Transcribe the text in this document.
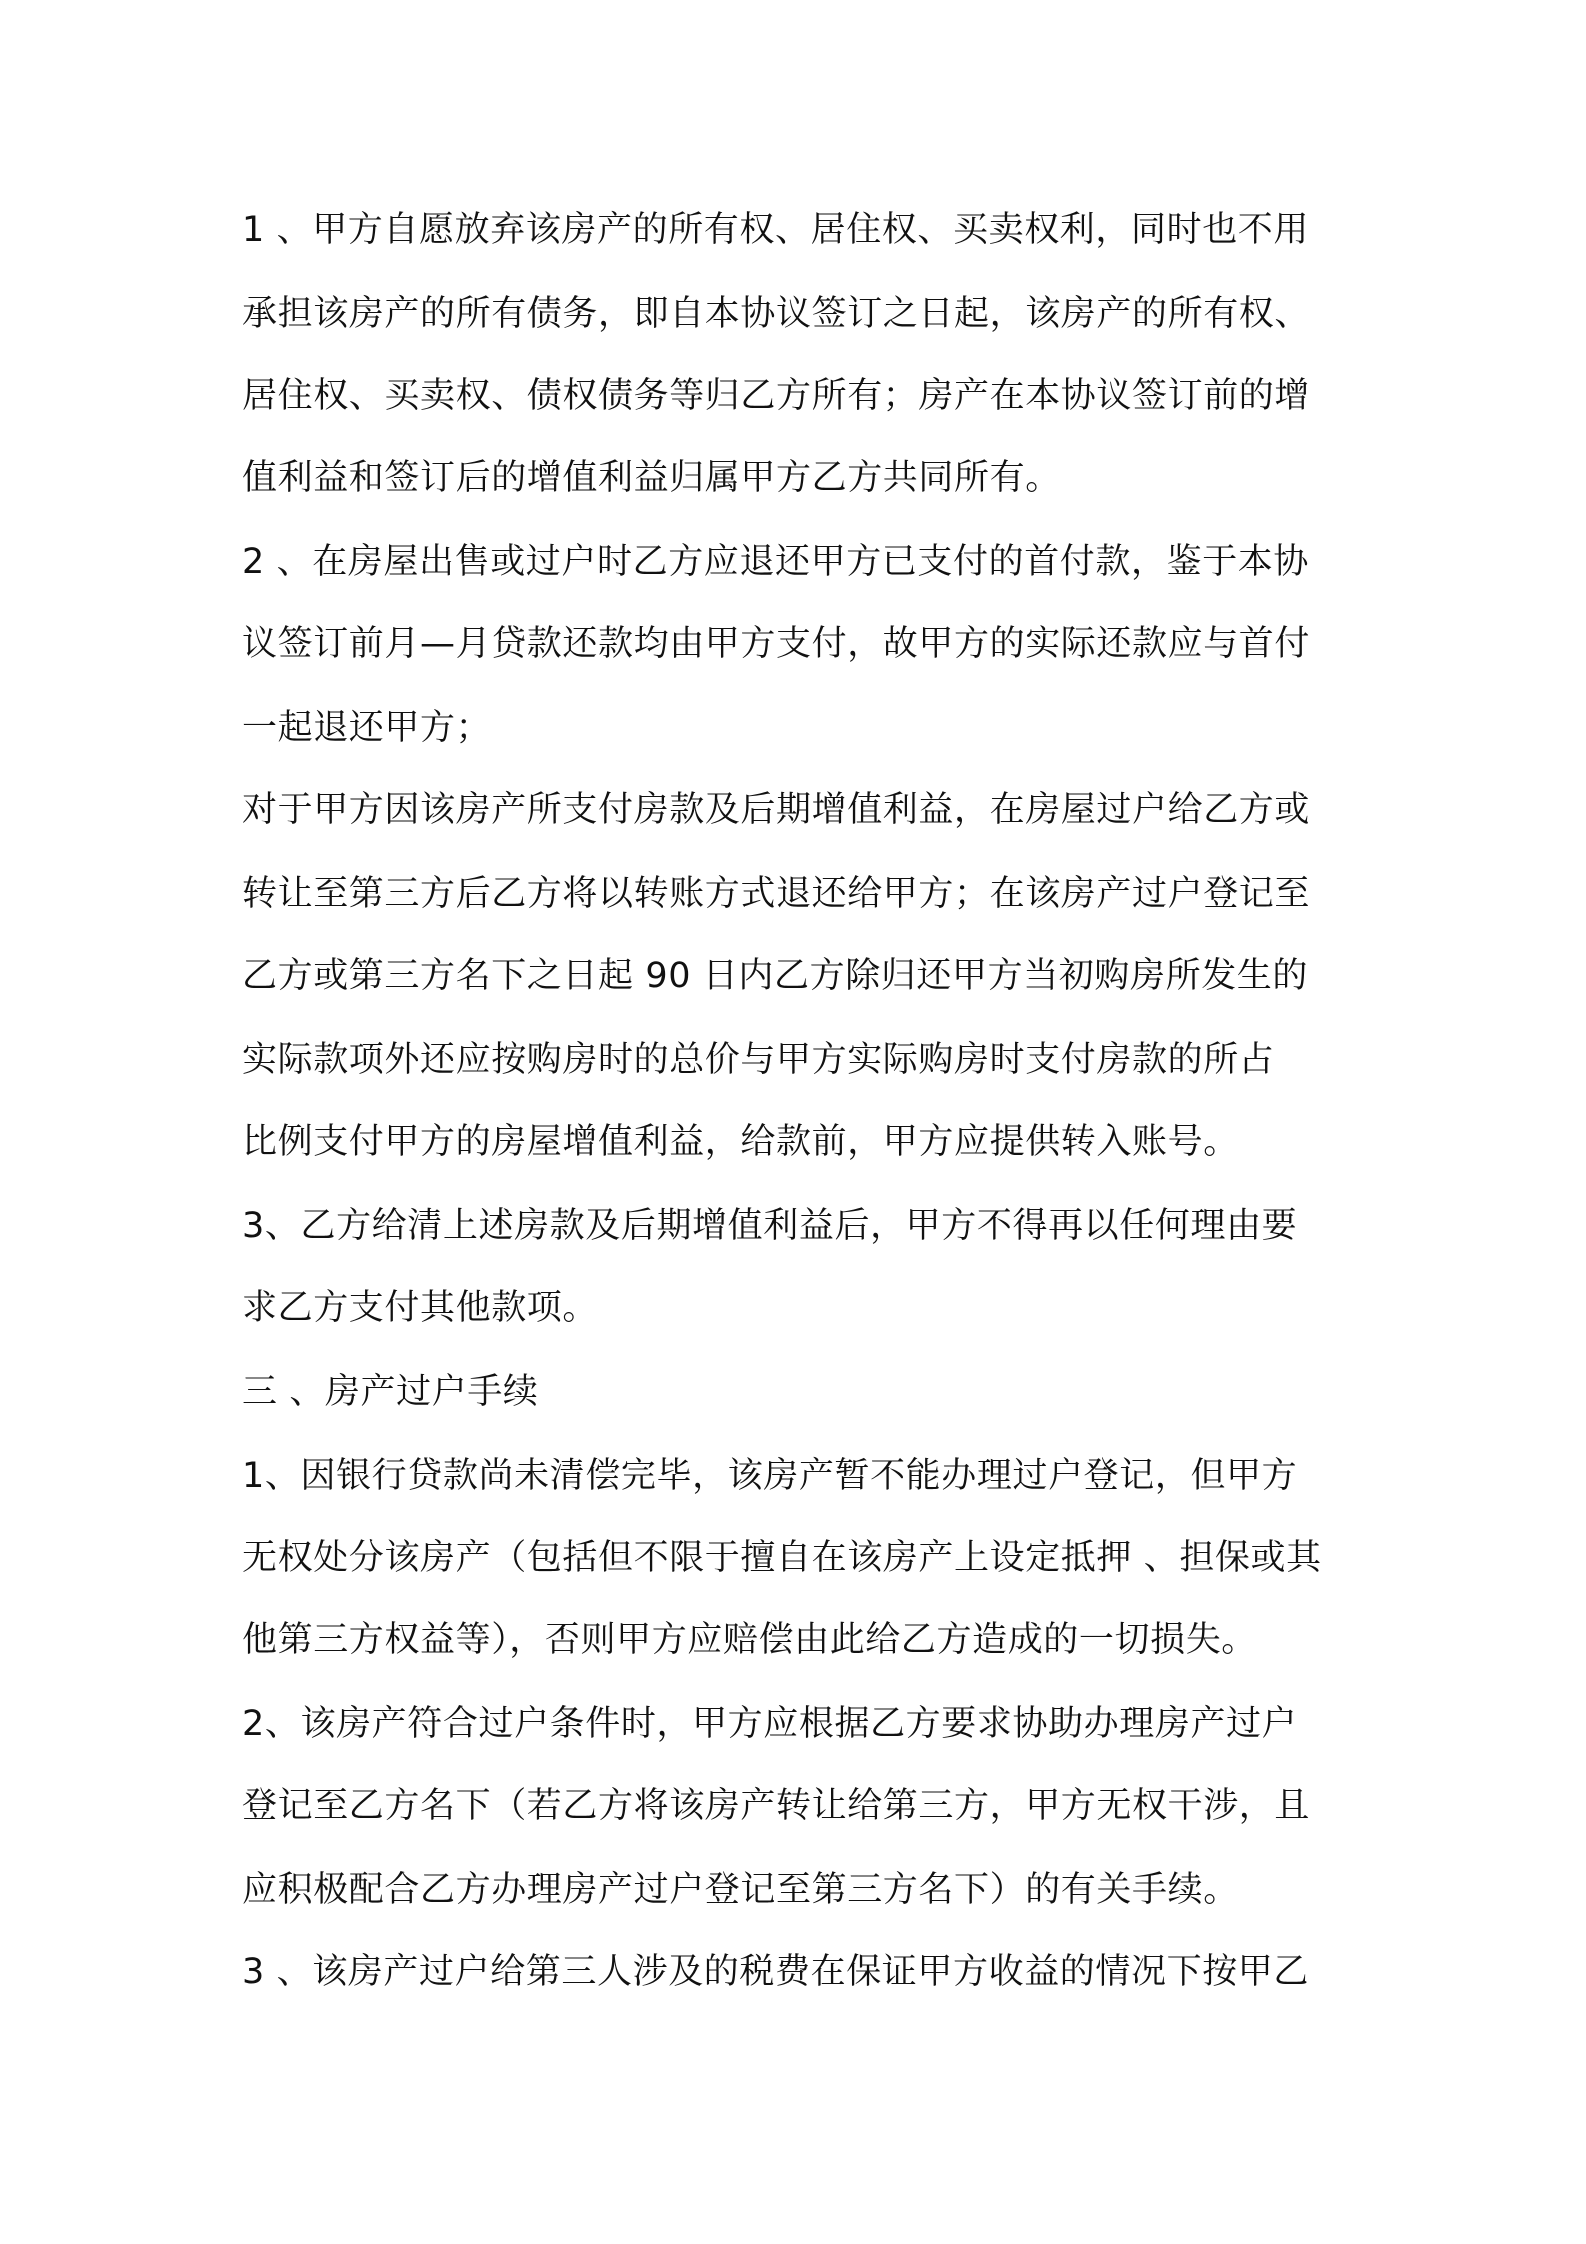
1 、甲方自愿放弃该房产的所有权、居住权、买卖权利，同时也不用
承担该房产的所有债务，即自本协议签订之日起，该房产的所有权、
居住权、买卖权、债权债务等归乙方所有；房产在本协议签订前的增
值利益和签订后的增值利益归属甲方乙方共同所有。
2 、在房屋出售或过户时乙方应退还甲方已支付的首付款，鉴于本协
议签订前月—月贷款还款均由甲方支付，故甲方的实际还款应与首付
一起退还甲方；
对于甲方因该房产所支付房款及后期增值利益，在房屋过户给乙方或
转让至第三方后乙方将以转账方式退还给甲方；在该房产过户登记至
乙方或第三方名下之日起 90 日内乙方除归还甲方当初购房所发生的
实际款项外还应按购房时的总价与甲方实际购房时支付房款的所占
比例支付甲方的房屋增值利益，给款前，甲方应提供转入账号。
3、乙方给清上述房款及后期增值利益后，甲方不得再以任何理由要
求乙方支付其他款项。
三 、房产过户手续
1、因银行贷款尚未清偿完毕，该房产暂不能办理过户登记，但甲方
无权处分该房产（包括但不限于擅自在该房产上设定抵押 、担保或其
他第三方权益等），否则甲方应赔偿由此给乙方造成的一切损失。
2、该房产符合过户条件时，甲方应根据乙方要求协助办理房产过户
登记至乙方名下（若乙方将该房产转让给第三方，甲方无权干涉，且
应积极配合乙方办理房产过户登记至第三方名下）的有关手续。
3 、该房产过户给第三人涉及的税费在保证甲方收益的情况下按甲乙
